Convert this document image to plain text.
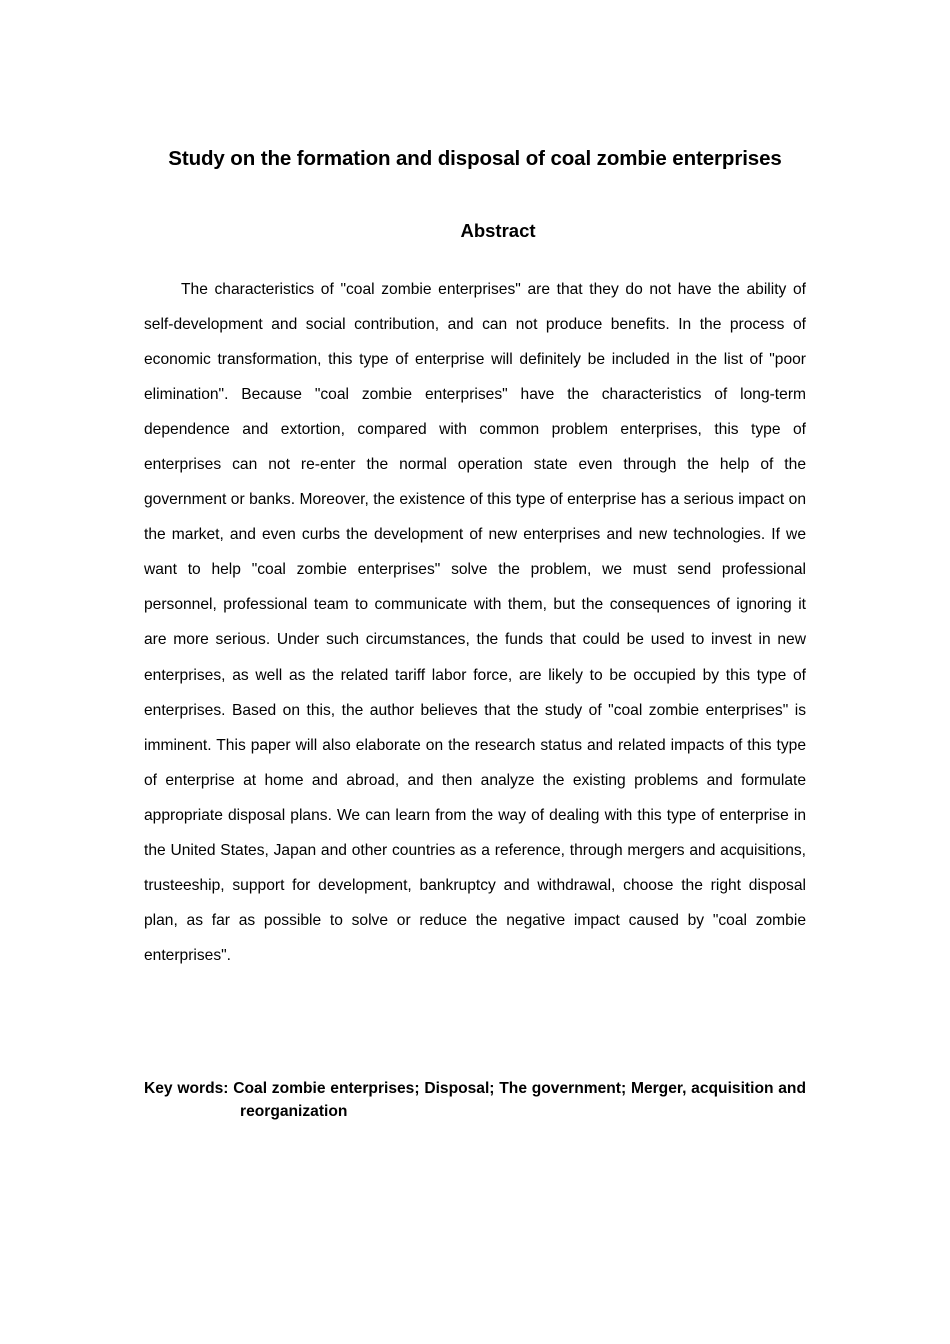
Study on the formation and disposal of coal zombie enterprises
Abstract

The characteristics of "coal zombie enterprises" are that they do not have the ability of self-development and social contribution, and can not produce benefits. In the process of economic transformation, this type of enterprise will definitely be included in the list of "poor elimination". Because "coal zombie enterprises" have the characteristics of long-term dependence and extortion, compared with common problem enterprises, this type of enterprises can not re-enter the normal operation state even through the help of the government or banks. Moreover, the existence of this type of enterprise has a serious impact on the market, and even curbs the development of new enterprises and new technologies. If we want to help "coal zombie enterprises" solve the problem, we must send professional personnel, professional team to communicate with them, but the consequences of ignoring it are more serious. Under such circumstances, the funds that could be used to invest in new enterprises, as well as the related tariff labor force, are likely to be occupied by this type of enterprises. Based on this, the author believes that the study of "coal zombie enterprises" is imminent. This paper will also elaborate on the research status and related impacts of this type of enterprise at home and abroad, and then analyze the existing problems and formulate appropriate disposal plans. We can learn from the way of dealing with this type of enterprise in the United States, Japan and other countries as a reference, through mergers and acquisitions, trusteeship, support for development, bankruptcy and withdrawal, choose the right disposal plan, as far as possible to solve or reduce the negative impact caused by "coal zombie enterprises".

Key words: Coal zombie enterprises; Disposal; The government; Merger, acquisition and reorganization
